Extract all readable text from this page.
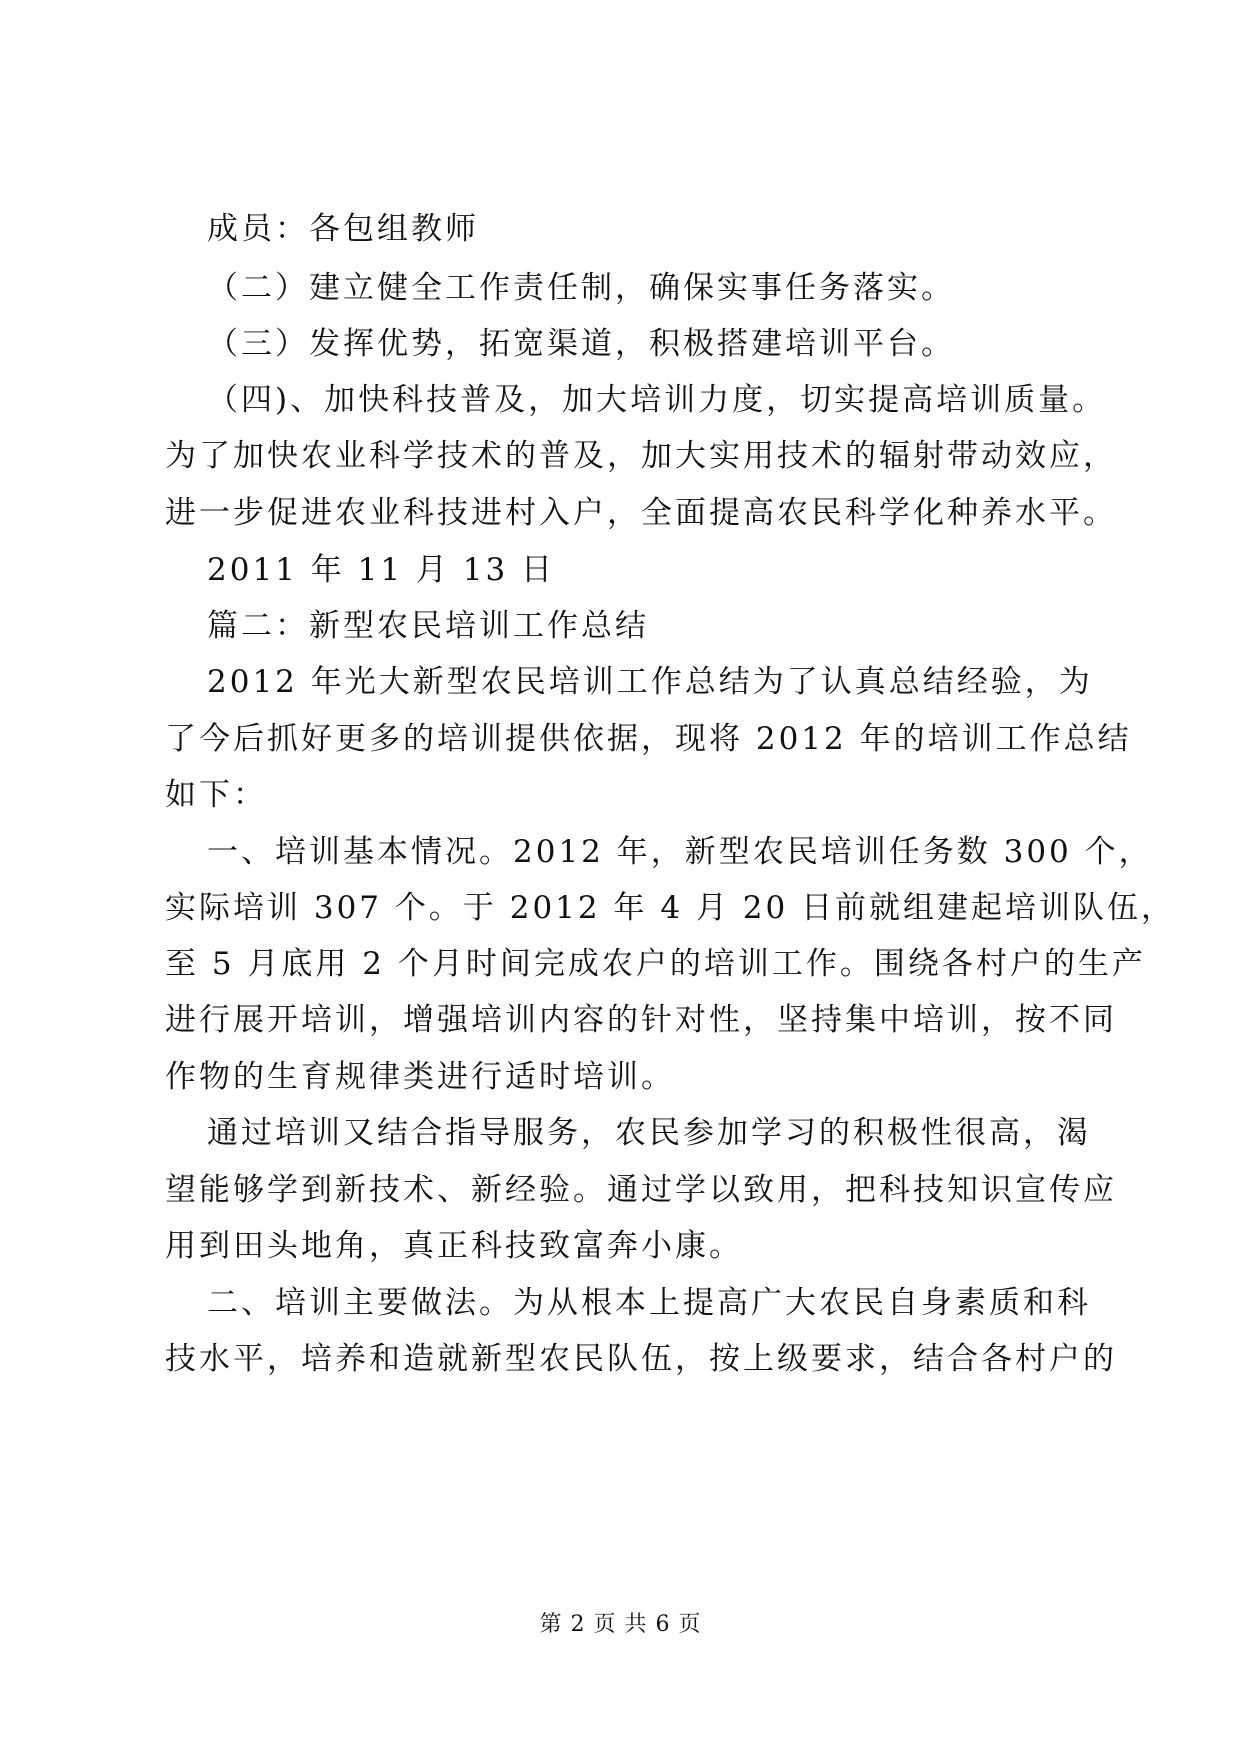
成员：各包组教师
（二）建立健全工作责任制，确保实事任务落实。
（三）发挥优势，拓宽渠道，积极搭建培训平台。
（四)、加快科技普及，加大培训力度，切实提高培训质量。
为了加快农业科学技术的普及，加大实用技术的辐射带动效应，
进一步促进农业科技进村入户，全面提高农民科学化种养水平。
2011 年 11 月 13 日
篇二：新型农民培训工作总结
2012 年光大新型农民培训工作总结为了认真总结经验，为
了今后抓好更多的培训提供依据，现将 2012 年的培训工作总结
如下：
一、培训基本情况。2012 年，新型农民培训任务数 300 个，
实际培训 307 个。于 2012 年 4 月 20 日前就组建起培训队伍，
至 5 月底用 2 个月时间完成农户的培训工作。围绕各村户的生产
进行展开培训，增强培训内容的针对性，坚持集中培训，按不同
作物的生育规律类进行适时培训。
通过培训又结合指导服务，农民参加学习的积极性很高，渴
望能够学到新技术、新经验。通过学以致用，把科技知识宣传应
用到田头地角，真正科技致富奔小康。
二、培训主要做法。为从根本上提高广大农民自身素质和科
技水平，培养和造就新型农民队伍，按上级要求，结合各村户的
第 2 页 共 6 页
